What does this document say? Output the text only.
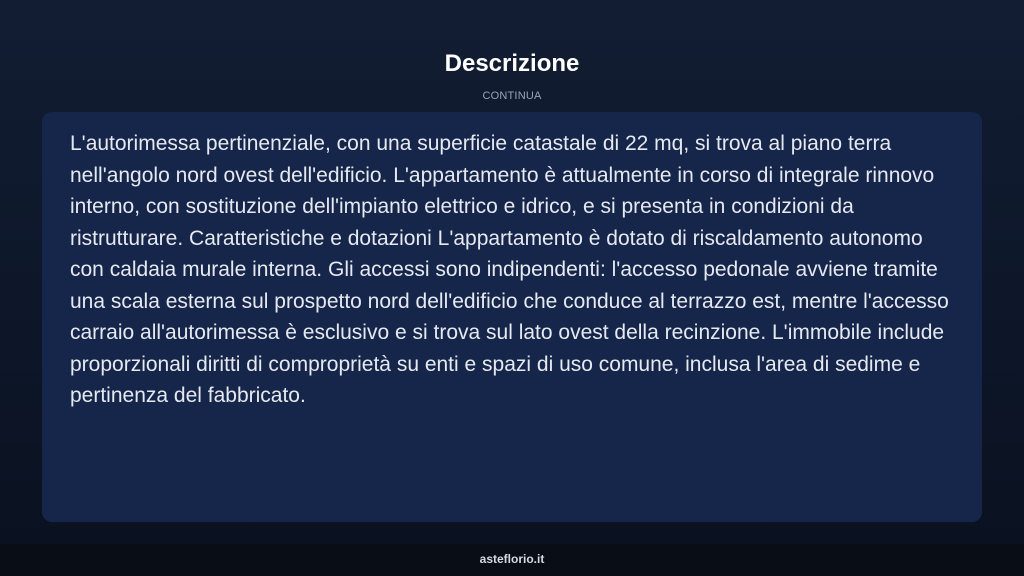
Descrizione
CONTINUA

L'autorimessa pertinenziale, con una superficie catastale di 22 mq, si trova al piano terra nell'angolo nord ovest dell'edificio. L'appartamento è attualmente in corso di integrale rinnovo interno, con sostituzione dell'impianto elettrico e idrico, e si presenta in condizioni da ristrutturare. Caratteristiche e dotazioni L'appartamento è dotato di riscaldamento autonomo con caldaia murale interna. Gli accessi sono indipendenti: l'accesso pedonale avviene tramite una scala esterna sul prospetto nord dell'edificio che conduce al terrazzo est, mentre l'accesso carraio all'autorimessa è esclusivo e si trova sul lato ovest della recinzione. L'immobile include proporzionali diritti di comproprietà su enti e spazi di uso comune, inclusa l'area di sedime e pertinenza del fabbricato.

asteflorio.it
